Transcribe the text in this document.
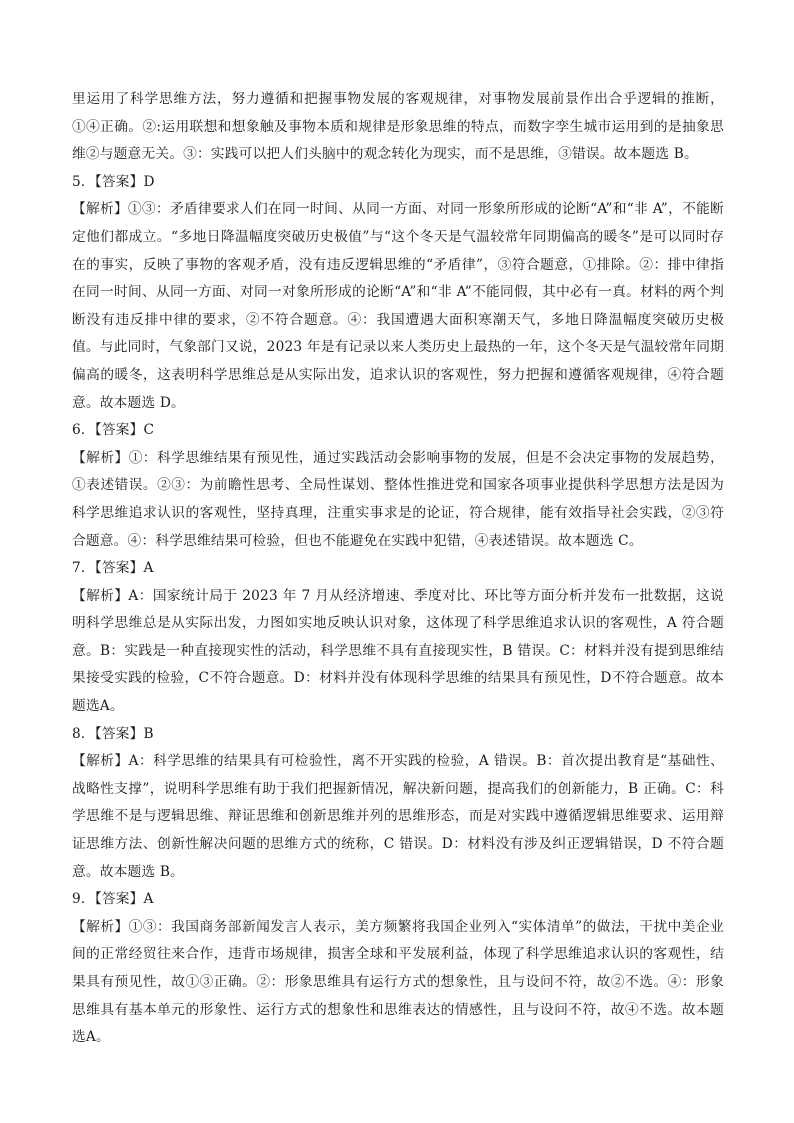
里运用了科学思维方法，努力遵循和把握事物发展的客观规律，对事物发展前景作出合乎逻辑的推断，①④正确。②:运用联想和想象触及事物本质和规律是形象思维的特点，而数字孪生城市运用到的是抽象思维②与题意无关。③：实践可以把人们头脑中的观念转化为现实，而不是思维，③错误。故本题选 B。

5．【答案】D

【解析】①③：矛盾律要求人们在同一时间、从同一方面、对同一形象所形成的论断“A”和“非 A”，不能断定他们都成立。“多地日降温幅度突破历史极值”与“这个冬天是气温较常年同期偏高的暖冬”是可以同时存在的事实，反映了事物的客观矛盾，没有违反逻辑思维的“矛盾律”，③符合题意，①排除。②：排中律指在同一时间、从同一方面、对同一对象所形成的论断“A”和“非 A”不能同假，其中必有一真。材料的两个判断没有违反排中律的要求，②不符合题意。④：我国遭遇大面积寒潮天气，多地日降温幅度突破历史极值。与此同时，气象部门又说，2023 年是有记录以来人类历史上最热的一年，这个冬天是气温较常年同期偏高的暖冬，这表明科学思维总是从实际出发，追求认识的客观性，努力把握和遵循客观规律，④符合题意。故本题选 D。

6．【答案】C

【解析】①：科学思维结果有预见性，通过实践活动会影响事物的发展，但是不会决定事物的发展趋势，①表述错误。②③：为前瞻性思考、全局性谋划、整体性推进党和国家各项事业提供科学思想方法是因为科学思维追求认识的客观性，坚持真理，注重实事求是的论证，符合规律，能有效指导社会实践，②③符合题意。④：科学思维结果可检验，但也不能避免在实践中犯错，④表述错误。故本题选 C。

7．【答案】A

【解析】A：国家统计局于 2023 年 7 月从经济增速、季度对比、环比等方面分析并发布一批数据，这说明科学思维总是从实际出发，力图如实地反映认识对象，这体现了科学思维追求认识的客观性，A 符合题意。B：实践是一种直接现实性的活动，科学思维不具有直接现实性，B 错误。C：材料并没有提到思维结果接受实践的检验，C不符合题意。D：材料并没有体现科学思维的结果具有预见性，D不符合题意。故本题选A。

8．【答案】B

【解析】A：科学思维的结果具有可检验性，离不开实践的检验，A 错误。B：首次提出教育是“基础性、战略性支撑”，说明科学思维有助于我们把握新情况，解决新问题，提高我们的创新能力，B 正确。C：科学思维不是与逻辑思维、辩证思维和创新思维并列的思维形态，而是对实践中遵循逻辑思维要求、运用辩证思维方法、创新性解决问题的思维方式的统称，C 错误。D：材料没有涉及纠正逻辑错误，D 不符合题意。故本题选 B。

9．【答案】A

【解析】①③：我国商务部新闻发言人表示，美方频繁将我国企业列入“实体清单”的做法，干扰中美企业间的正常经贸往来合作，违背市场规律，损害全球和平发展利益，体现了科学思维追求认识的客观性，结果具有预见性，故①③正确。②：形象思维具有运行方式的想象性，且与设问不符，故②不选。④：形象思维具有基本单元的形象性、运行方式的想象性和思维表达的情感性，且与设问不符，故④不选。故本题选A。
